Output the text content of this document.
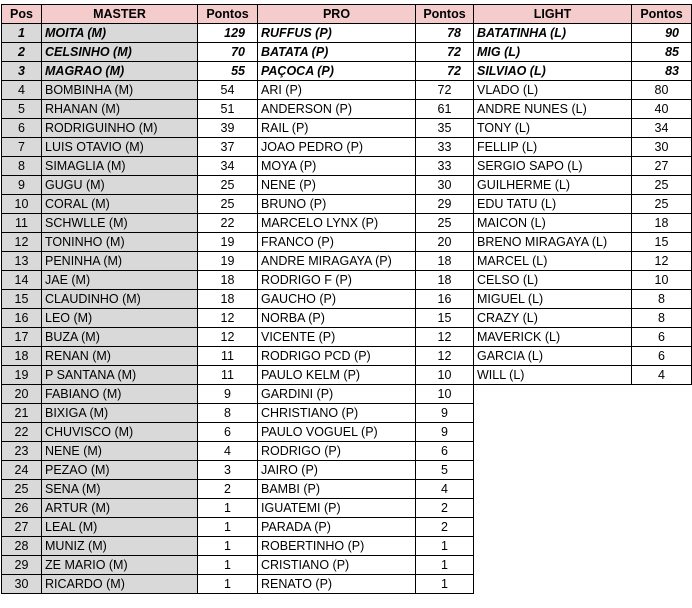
Pos	MASTER	Pontos	PRO	Pontos	LIGHT	Pontos
1	MOITA (M)	129	RUFFUS (P)	78	BATATINHA (L)	90
2	CELSINHO (M)	70	BATATA (P)	72	MIG (L)	85
3	MAGRAO (M)	55	PAÇOCA (P)	72	SILVIAO (L)	83
4	BOMBINHA (M)	54	ARI (P)	72	VLADO (L)	80
5	RHANAN (M)	51	ANDERSON (P)	61	ANDRE NUNES (L)	40
6	RODRIGUINHO (M)	39	RAIL (P)	35	TONY (L)	34
7	LUIS OTAVIO (M)	37	JOAO PEDRO (P)	33	FELLIP (L)	30
8	SIMAGLIA (M)	34	MOYA (P)	33	SERGIO SAPO (L)	27
9	GUGU (M)	25	NENE (P)	30	GUILHERME (L)	25
10	CORAL (M)	25	BRUNO (P)	29	EDU TATU (L)	25
11	SCHWLLE (M)	22	MARCELO LYNX (P)	25	MAICON (L)	18
12	TONINHO (M)	19	FRANCO (P)	20	BRENO MIRAGAYA (L)	15
13	PENINHA (M)	19	ANDRE MIRAGAYA (P)	18	MARCEL (L)	12
14	JAE (M)	18	RODRIGO F (P)	18	CELSO (L)	10
15	CLAUDINHO (M)	18	GAUCHO (P)	16	MIGUEL (L)	8
16	LEO (M)	12	NORBA (P)	15	CRAZY (L)	8
17	BUZA (M)	12	VICENTE (P)	12	MAVERICK (L)	6
18	RENAN (M)	11	RODRIGO PCD (P)	12	GARCIA (L)	6
19	P SANTANA (M)	11	PAULO KELM (P)	10	WILL (L)	4
20	FABIANO (M)	9	GARDINI (P)	10		
21	BIXIGA (M)	8	CHRISTIANO (P)	9		
22	CHUVISCO (M)	6	PAULO VOGUEL (P)	9		
23	NENE (M)	4	RODRIGO (P)	6		
24	PEZAO (M)	3	JAIRO (P)	5		
25	SENA (M)	2	BAMBI (P)	4		
26	ARTUR (M)	1	IGUATEMI (P)	2		
27	LEAL (M)	1	PARADA (P)	2		
28	MUNIZ (M)	1	ROBERTINHO (P)	1		
29	ZE MARIO (M)	1	CRISTIANO (P)	1		
30	RICARDO (M)	1	RENATO (P)	1		
